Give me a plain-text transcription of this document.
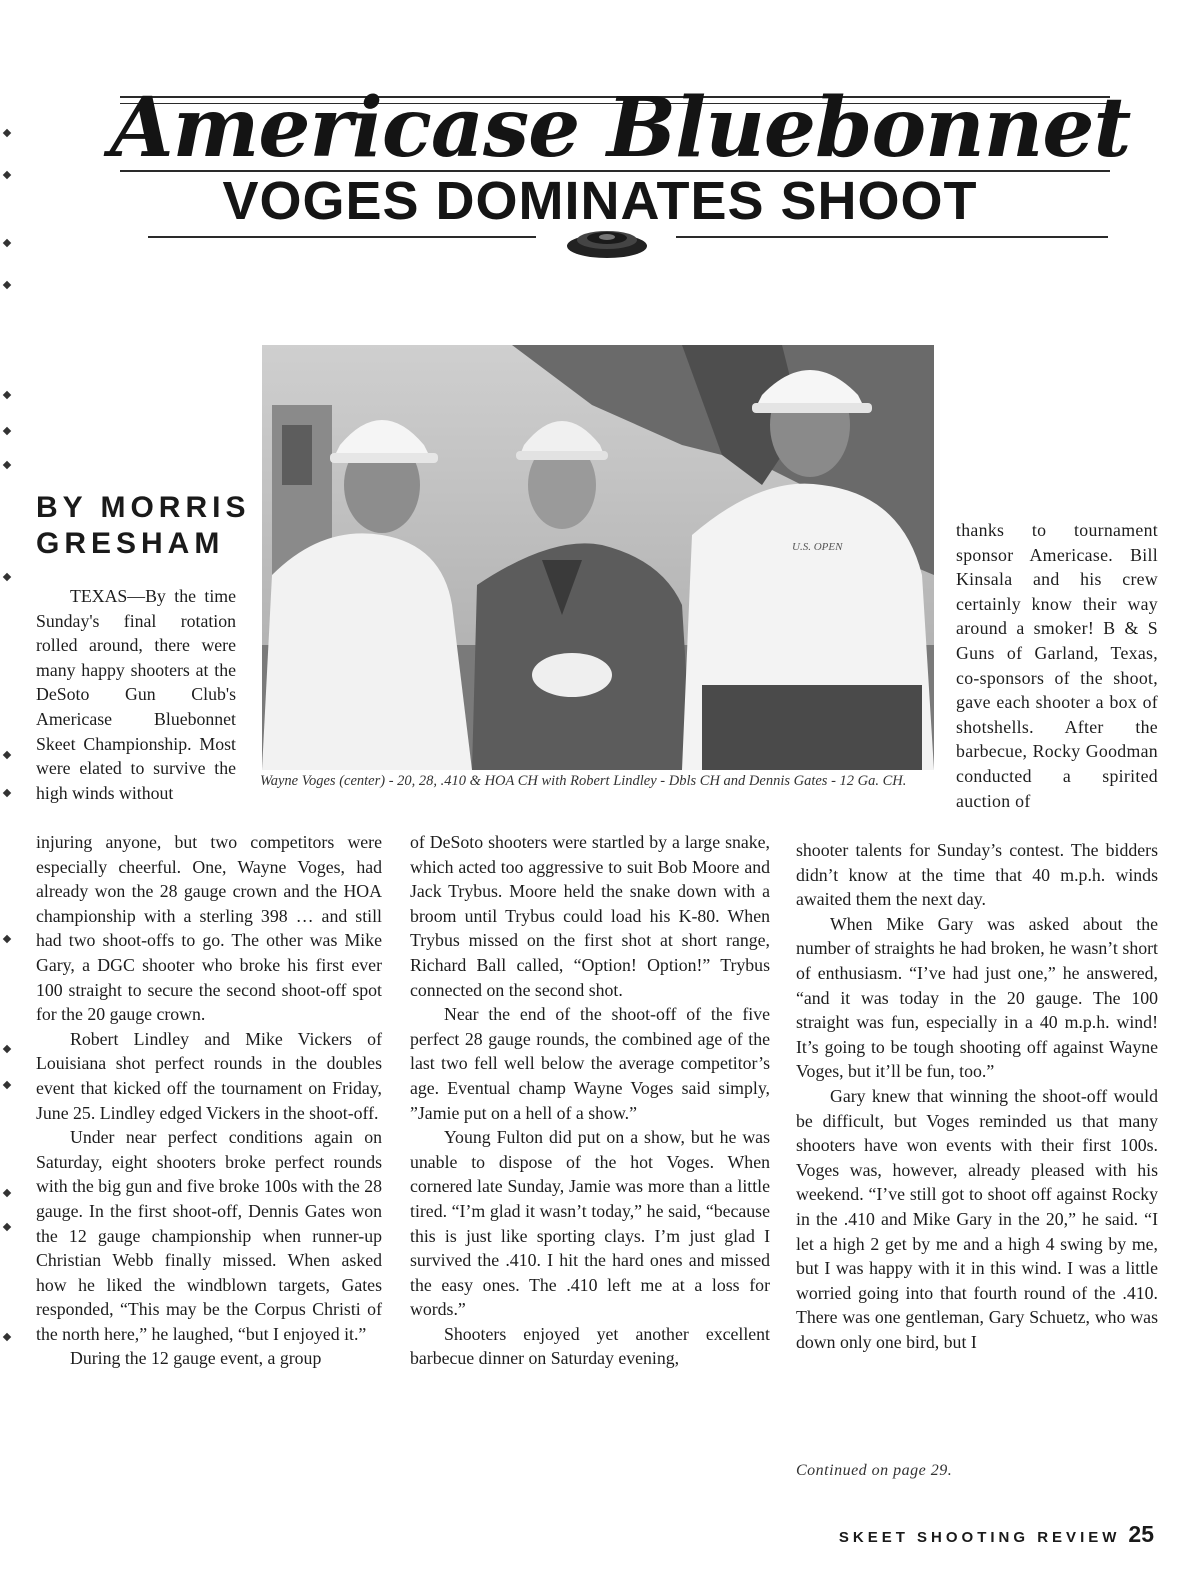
Americase Bluebonnet
VOGES DOMINATES SHOOT
U.S. OPEN
Wayne Voges (center) - 20, 28, .410 & HOA CH with Robert Lindley - Dbls CH and Dennis Gates - 12 Ga. CH.
BY MORRIS GRESHAM

TEXAS—By the time Sunday's final rotation rolled around, there were many happy shooters at the DeSoto Gun Club's Americase Bluebonnet Skeet Championship. Most were elated to survive the high winds without

injuring anyone, but two competitors were especially cheerful. One, Wayne Voges, had already won the 28 gauge crown and the HOA championship with a sterling 398 … and still had two shoot-offs to go. The other was Mike Gary, a DGC shooter who broke his first ever 100 straight to secure the second shoot-off spot for the 20 gauge crown.

Robert Lindley and Mike Vickers of Louisiana shot perfect rounds in the doubles event that kicked off the tournament on Friday, June 25. Lindley edged Vickers in the shoot-off.

Under near perfect conditions again on Saturday, eight shooters broke perfect rounds with the big gun and five broke 100s with the 28 gauge. In the first shoot-off, Dennis Gates won the 12 gauge championship when runner-up Christian Webb finally missed. When asked how he liked the windblown targets, Gates responded, “This may be the Corpus Christi of the north here,” he laughed, “but I enjoyed it.”

During the 12 gauge event, a group

of DeSoto shooters were startled by a large snake, which acted too aggressive to suit Bob Moore and Jack Trybus. Moore held the snake down with a broom until Trybus could load his K-80. When Trybus missed on the first shot at short range, Richard Ball called, “Option! Option!” Trybus connected on the second shot.

Near the end of the shoot-off of the five perfect 28 gauge rounds, the combined age of the last two fell well below the average competitor’s age. Eventual champ Wayne Voges said simply, ”Jamie put on a hell of a show.”

Young Fulton did put on a show, but he was unable to dispose of the hot Voges. When cornered late Sunday, Jamie was more than a little tired. “I’m glad it wasn’t today,” he said, “because this is just like sporting clays. I’m just glad I survived the .410. I hit the hard ones and missed the easy ones. The .410 left me at a loss for words.”

Shooters enjoyed yet another excellent barbecue dinner on Saturday evening,

thanks to tournament sponsor Americase. Bill Kinsala and his crew certainly know their way around a smoker! B & S Guns of Garland, Texas, co-sponsors of the shoot, gave each shooter a box of shotshells. After the barbecue, Rocky Goodman conducted a spirited auction of

shooter talents for Sunday’s contest. The bidders didn’t know at the time that 40 m.p.h. winds awaited them the next day.

When Mike Gary was asked about the number of straights he had broken, he wasn’t short of enthusiasm. “I’ve had just one,” he answered, “and it was today in the 20 gauge. The 100 straight was fun, especially in a 40 m.p.h. wind! It’s going to be tough shooting off against Wayne Voges, but it’ll be fun, too.”

Gary knew that winning the shoot-off would be difficult, but Voges reminded us that many shooters have won events with their first 100s. Voges was, however, already pleased with his weekend. “I’ve still got to shoot off against Rocky in the .410 and Mike Gary in the 20,” he said. “I let a high 2 get by me and a high 4 swing by me, but I was happy with it in this wind. I was a little worried going into that fourth round of the .410. There was one gentleman, Gary Schuetz, who was down only one bird, but I

Continued on page 29.
SKEET SHOOTING REVIEW 25
